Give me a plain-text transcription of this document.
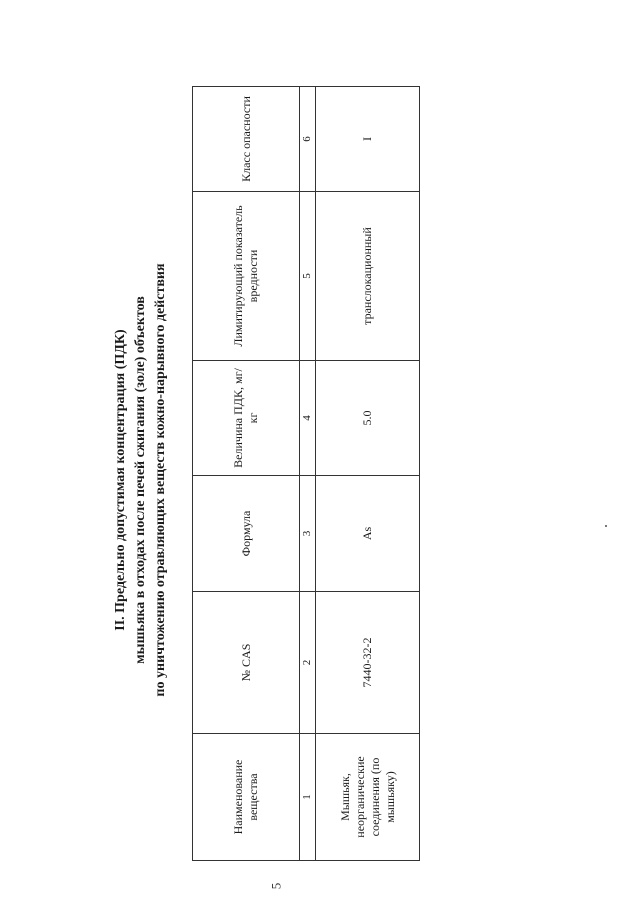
II. Предельно допустимая концентрация (ПДК) мышьяка в отходах после печей сжигания (золе) объектов по уничтожению отравляющих веществ кожно-нарывного действия
Наименование вещества	№ CAS	Формула	Величина ПДК, мг/кг	Лимитирующий показатель вредности	Класс опасности
1	2	3	4	5	6
Мышьяк, неорганические соединения (по мышьяку)	7440-32-2	As	5.0	транслокационный	I
5
